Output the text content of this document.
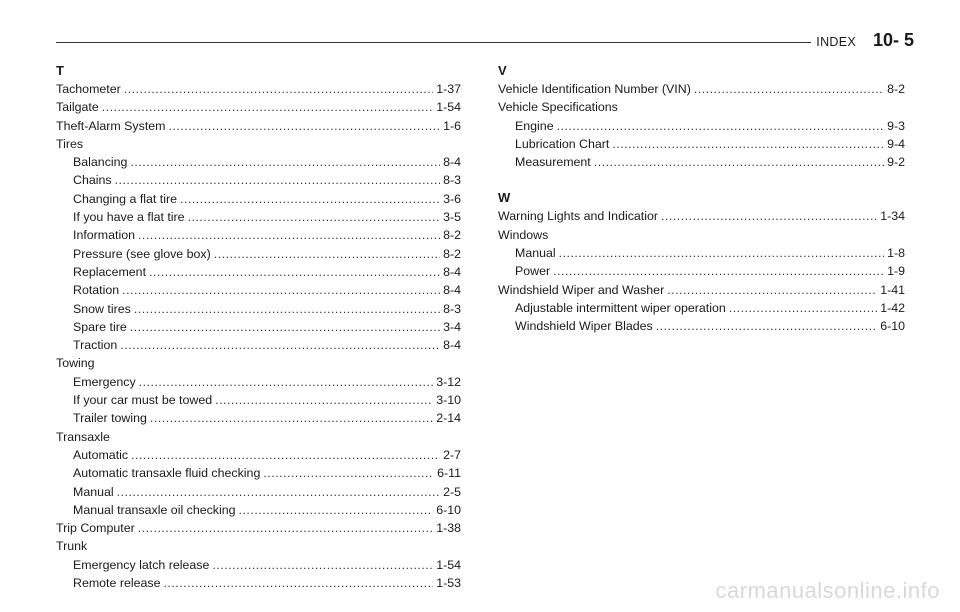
INDEX 10- 5
T
Tachometer .....	1-37
Tailgate .....	1-54
Theft-Alarm System .....	1-6
Tires
Balancing .....	8-4
Chains .....	8-3
Changing a flat tire .....	3-6
If you have a flat tire .....	3-5
Information .....	8-2
Pressure (see glove box) .....	8-2
Replacement .....	8-4
Rotation .....	8-4
Snow tires .....	8-3
Spare tire .....	3-4
Traction .....	8-4
Towing
Emergency .....	3-12
If your car must be towed .....	3-10
Trailer towing .....	2-14
Transaxle
Automatic .....	2-7
Automatic transaxle fluid checking .....	6-11
Manual .....	2-5
Manual transaxle oil checking .....	6-10
Trip Computer .....	1-38
Trunk
Emergency latch release .....	1-54
Remote release .....	1-53
V
Vehicle Identification Number (VIN) .....	8-2
Vehicle Specifications
Engine .....	9-3
Lubrication Chart .....	9-4
Measurement .....	9-2
W
Warning Lights and Indicatior .....	1-34
Windows
Manual .....	1-8
Power .....	1-9
Windshield Wiper and Washer .....	1-41
Adjustable intermittent wiper operation .....	1-42
Windshield Wiper Blades .....	6-10
carmanualsonline.info
